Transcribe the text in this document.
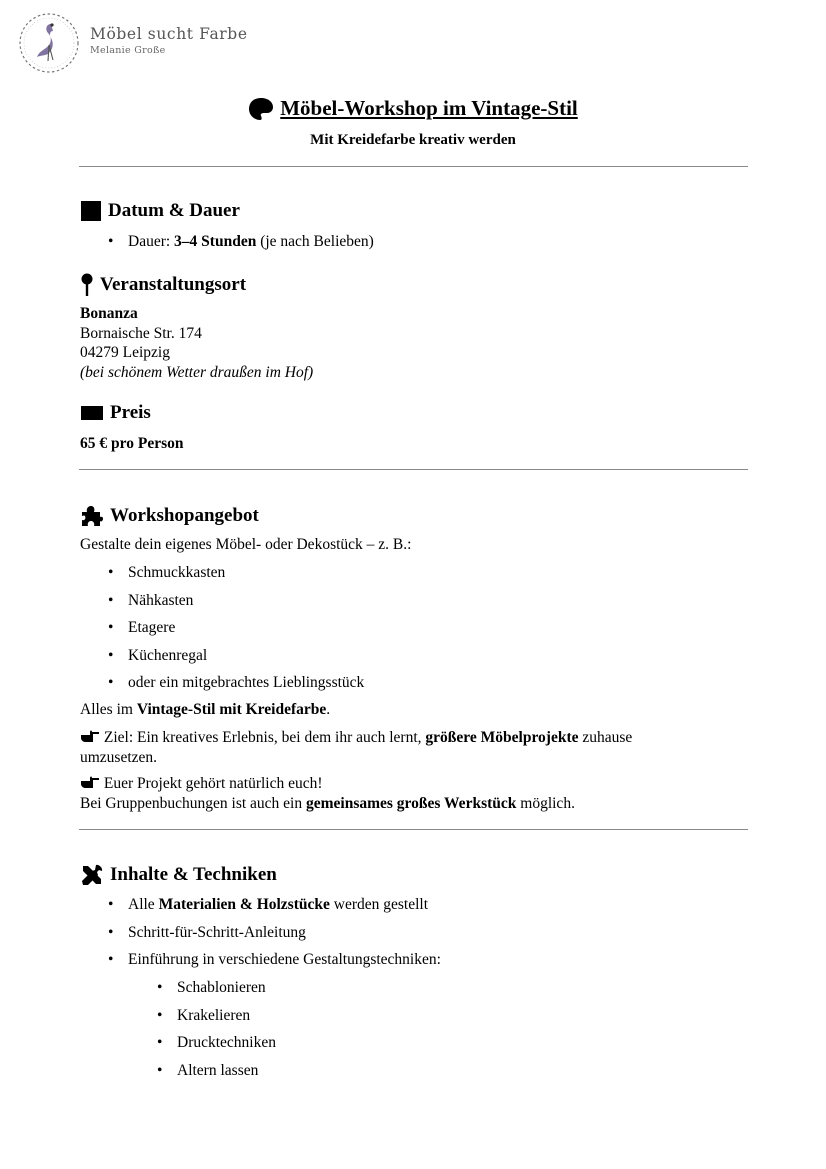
Möbel sucht Farbe
Melanie Große
Möbel-Workshop im Vintage-Stil
Mit Kreidefarbe kreativ werden
Datum & Dauer
• Dauer: 3–4 Stunden (je nach Belieben)
Veranstaltungsort
Bonanza
Bornaische Str. 174
04279 Leipzig
(bei schönem Wetter draußen im Hof)
Preis
65 € pro Person
Workshopangebot
Gestalte dein eigenes Möbel- oder Dekostück – z. B.:
• Schmuckkasten
• Nähkasten
• Etagere
• Küchenregal
• oder ein mitgebrachtes Lieblingsstück
Alles im Vintage-Stil mit Kreidefarbe.
Ziel: Ein kreatives Erlebnis, bei dem ihr auch lernt, größere Möbelprojekte zuhause
umzusetzen.
Euer Projekt gehört natürlich euch!
Bei Gruppenbuchungen ist auch ein gemeinsames großes Werkstück möglich.
Inhalte & Techniken
• Alle Materialien & Holzstücke werden gestellt
• Schritt-für-Schritt-Anleitung
• Einführung in verschiedene Gestaltungstechniken:
• Schablonieren
• Krakelieren
• Drucktechniken
• Altern lassen
